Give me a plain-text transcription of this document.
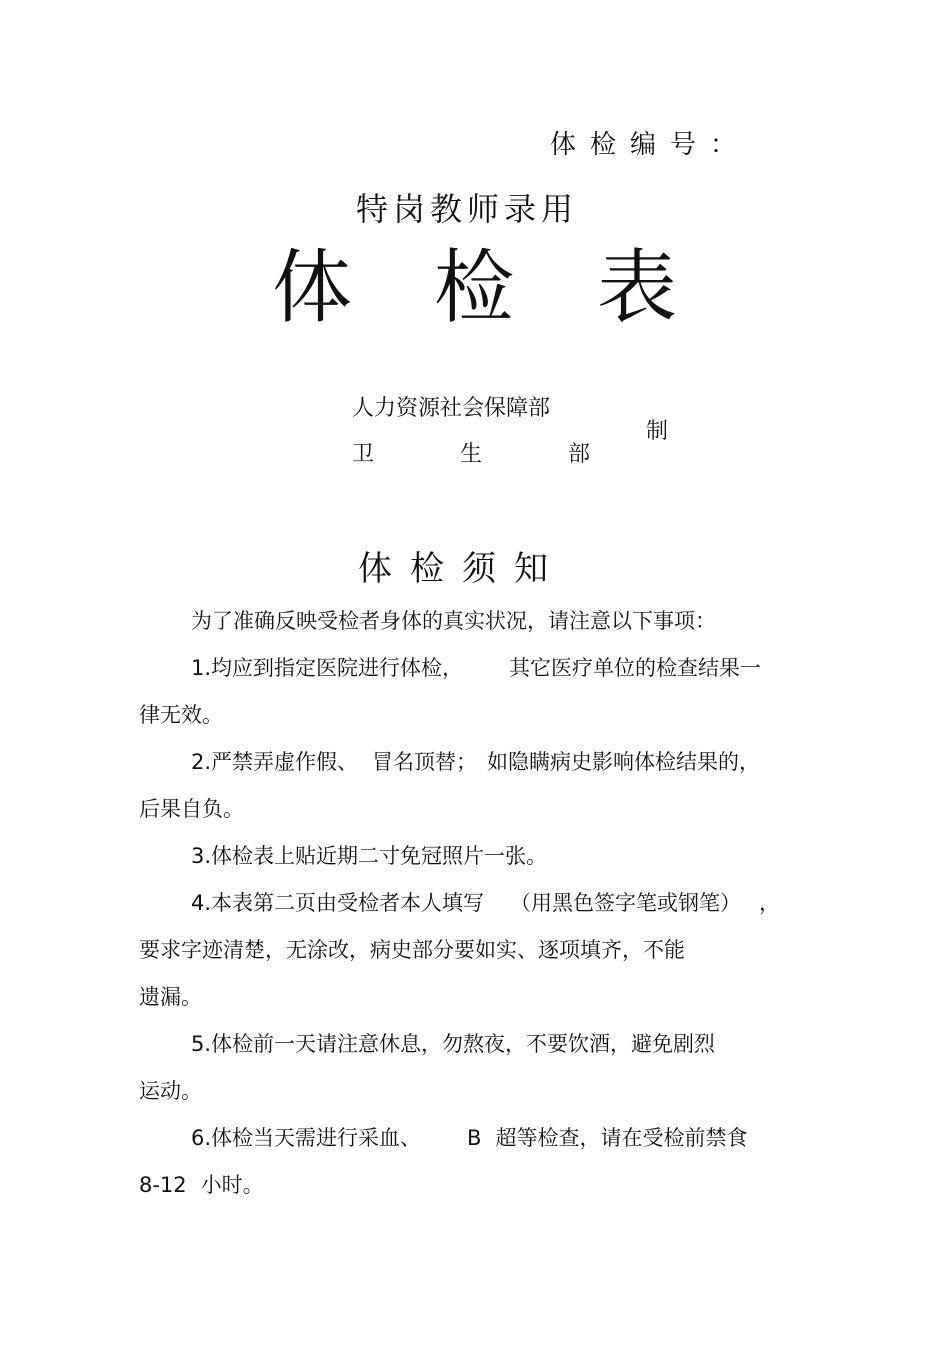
体检编号：
特岗教师录用
体 检 表
人力资源社会保障部
卫	生	部
制
体检须知
为了准确反映受检者身体的真实状况，请注意以下事项：
1.均应到指定医院进行体检， 其它医疗单位的检查结果一
律无效。
2.严禁弄虚作假、 冒名顶替； 如隐瞒病史影响体检结果的，
后果自负。
3.体检表上贴近期二寸免冠照片一张。
4.本表第二页由受检者本人填写 （用黑色签字笔或钢笔） ，
要求字迹清楚，无涂改，病史部分要如实、逐项填齐，不能
遗漏。
5.体检前一天请注意休息，勿熬夜，不要饮酒，避免剧烈
运动。
6.体检当天需进行采血、 B 超等检查，请在受检前禁食
8-12 小时。
